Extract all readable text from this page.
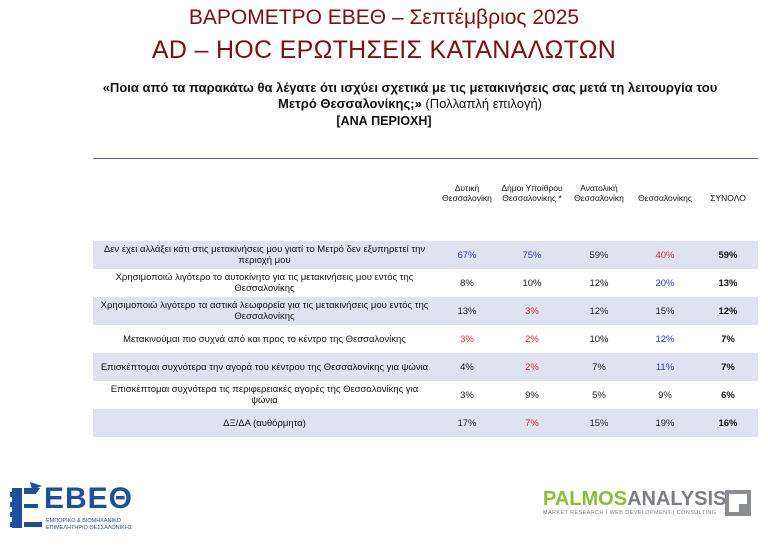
ΒΑΡΟΜΕΤΡΟ ΕΒΕΘ – Σεπτέμβριος 2025
AD – HOC ΕΡΩΤΗΣΕΙΣ ΚΑΤΑΝΑΛΩΤΩΝ
«Ποια από τα παρακάτω θα λέγατε ότι ισχύει σχετικά με τις μετακινήσεις σας μετά τη λειτουργία του Μετρό Θεσσαλονίκης;» (Πολλαπλή επιλογή)
[ΑΝΑ ΠΕΡΙΟΧΗ]
	Δυτική Θεσσαλονίκη	Δήμοι Υπαίθρου Θεσσαλονίκης *	Ανατολική Θεσσαλονίκη	Θεσσαλονίκης	ΣΥΝΟΛΟ
Δεν έχει αλλάξει κάτι στις μετακινήσεις μου γιατί το Μετρό δεν εξυπηρετεί την περιοχή μου	67%	75%	59%	40%	59%
Χρησιμοποιώ λιγότερο το αυτοκίνητο για τις μετακινήσεις μου εντός της Θεσσαλονίκης	8%	10%	12%	20%	13%
Χρησιμοποιώ λιγότερο τα αστικά λεωφορεία για τις μετακινήσεις μου εντός της Θεσσαλονίκης	13%	3%	12%	15%	12%
Μετακινούμαι πιο συχνά από και προς το κέντρο της Θεσσαλονίκης	3%	2%	10%	12%	7%
Επισκέπτομαι συχνότερα την αγορά του κέντρου της Θεσσαλονίκης για ψώνια	4%	2%	7%	11%	7%
Επισκέπτομαι συχνότερα τις περιφερειακές αγορές της Θεσσαλονίκης για ψώνια	3%	9%	5%	9%	6%
ΔΞ/ΔΑ (αυθόρμητα)	17%	7%	15%	19%	16%
ΕΒΕΘ
ΕΜΠΟΡΙΚΟ & ΒΙΟΜΗΧΑΝΙΚΟ
ΕΠΙΜΕΛΗΤΗΡΙΟ ΘΕΣΣΑΛΟΝΙΚΗΣ
PALMOSANALYSIS
MARKET RESEARCH | WEB DEVELOPMENT | CONSULTING
